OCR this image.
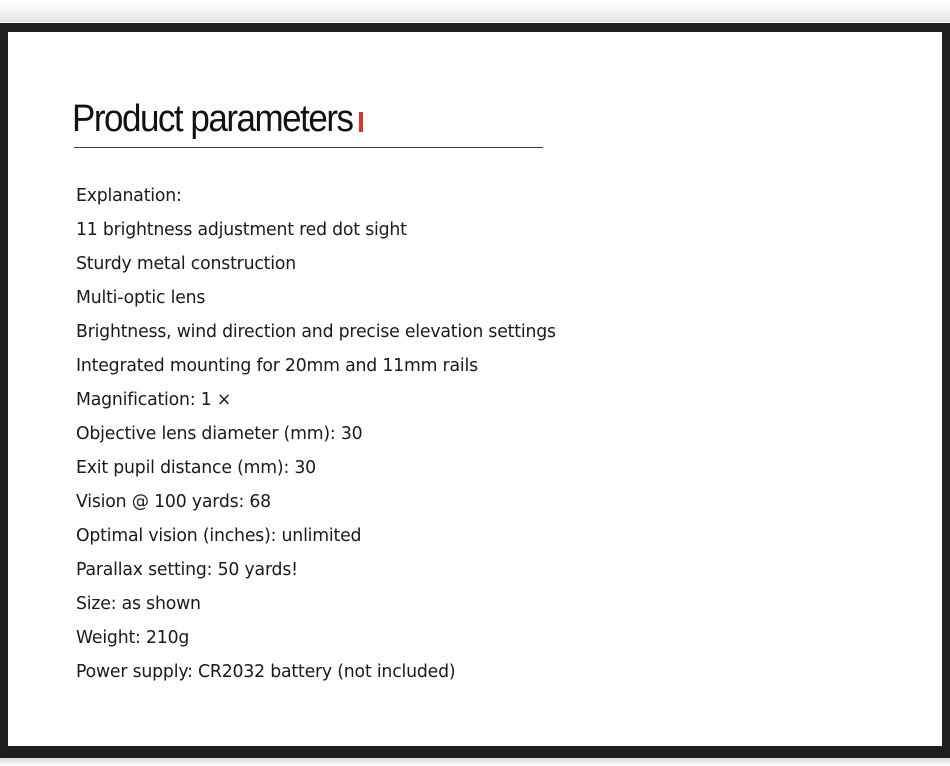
Product parameters
Explanation:
11 brightness adjustment red dot sight
Sturdy metal construction
Multi-optic lens
Brightness, wind direction and precise elevation settings
Integrated mounting for 20mm and 11mm rails
Magnification: 1 ×
Objective lens diameter (mm): 30
Exit pupil distance (mm): 30
Vision @ 100 yards: 68
Optimal vision (inches): unlimited
Parallax setting: 50 yards!
Size: as shown
Weight: 210g
Power supply: CR2032 battery (not included)
